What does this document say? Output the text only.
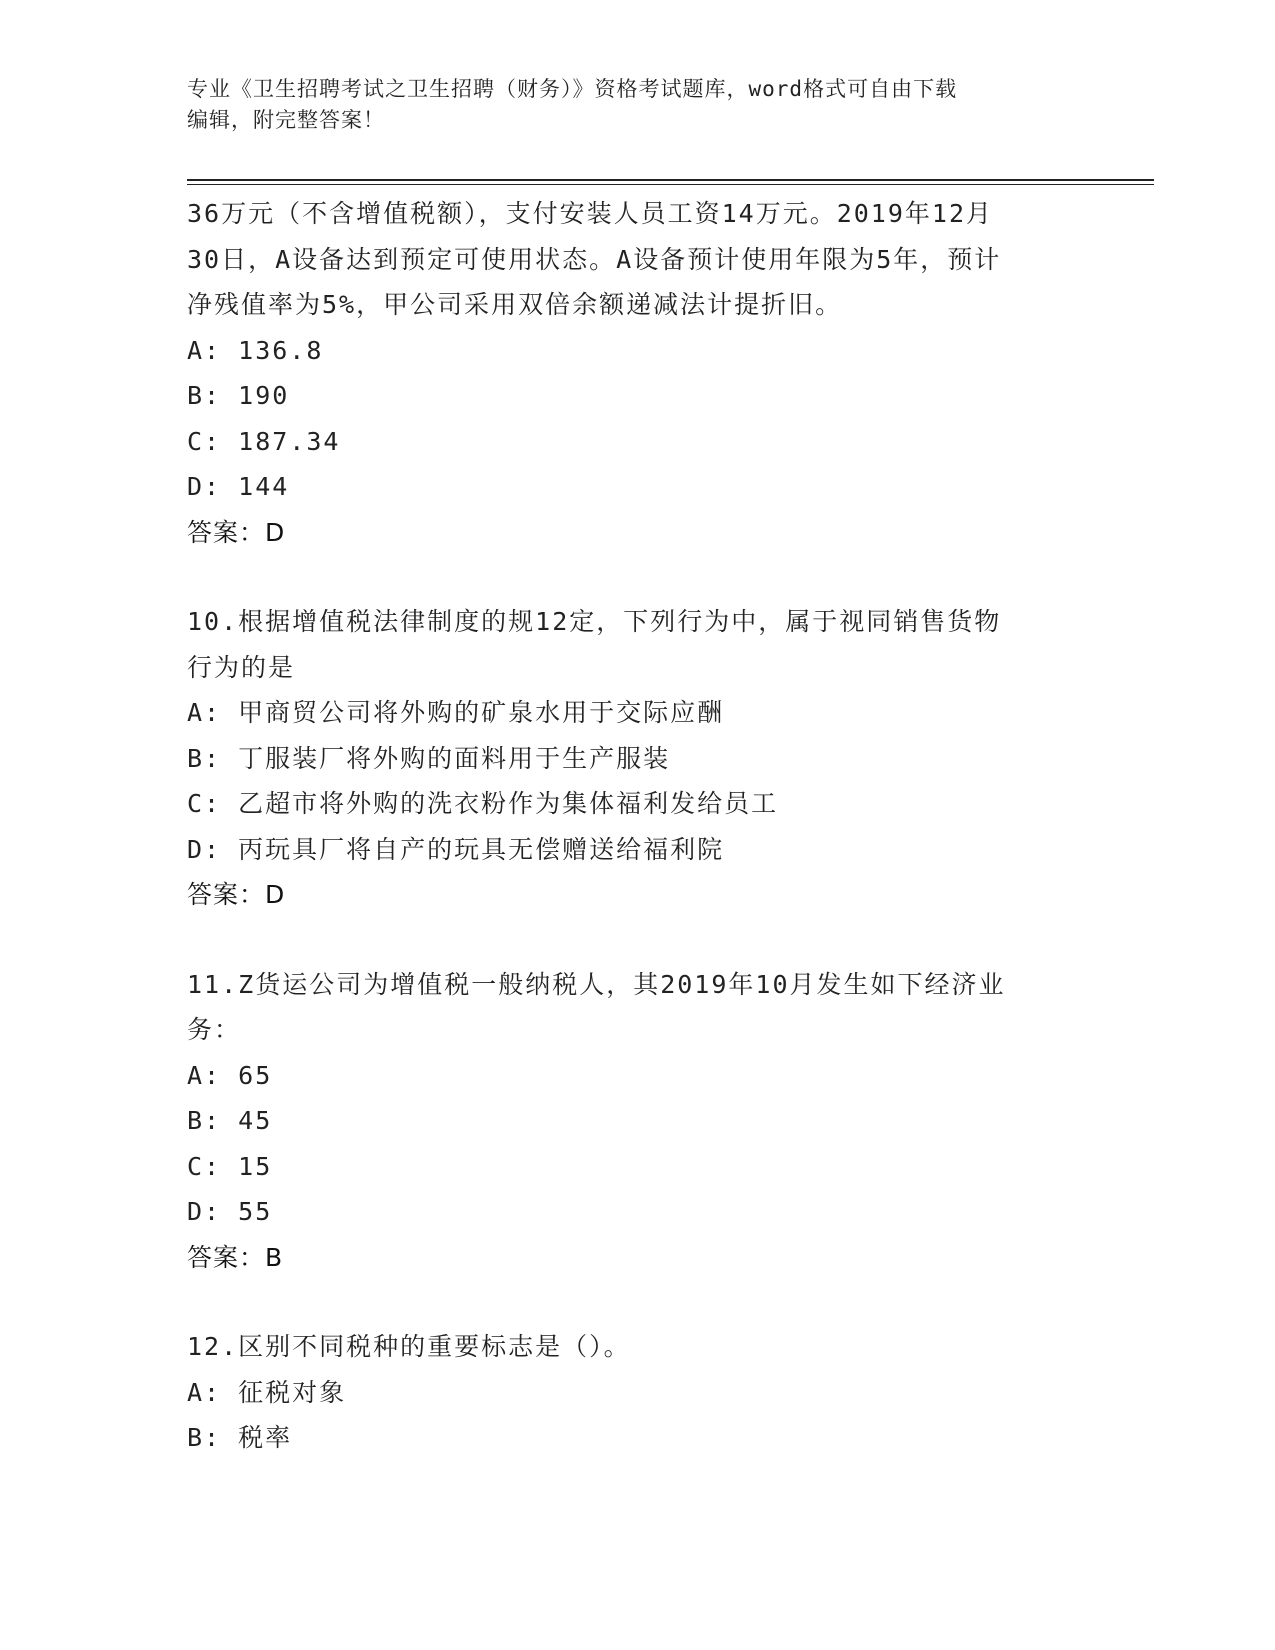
专业《卫生招聘考试之卫生招聘（财务）》资格考试题库，word格式可自由下载
编辑，附完整答案！

36万元（不含增值税额），支付安装人员工资14万元。2019年12月

30日，A设备达到预定可使用状态。A设备预计使用年限为5年，预计

净残值率为5%，甲公司采用双倍余额递减法计提折旧。

A: 136.8

B: 190

C: 187.34

D: 144

答案：D

10.根据增值税法律制度的规12定，下列行为中，属于视同销售货物

行为的是

A: 甲商贸公司将外购的矿泉水用于交际应酬

B: 丁服装厂将外购的面料用于生产服装

C: 乙超市将外购的洗衣粉作为集体福利发给员工

D: 丙玩具厂将自产的玩具无偿赠送给福利院

答案：D

11.Z货运公司为增值税一般纳税人，其2019年10月发生如下经济业

务：

A: 65

B: 45

C: 15

D: 55

答案：B

12.区别不同税种的重要标志是（）。

A: 征税对象

B: 税率
